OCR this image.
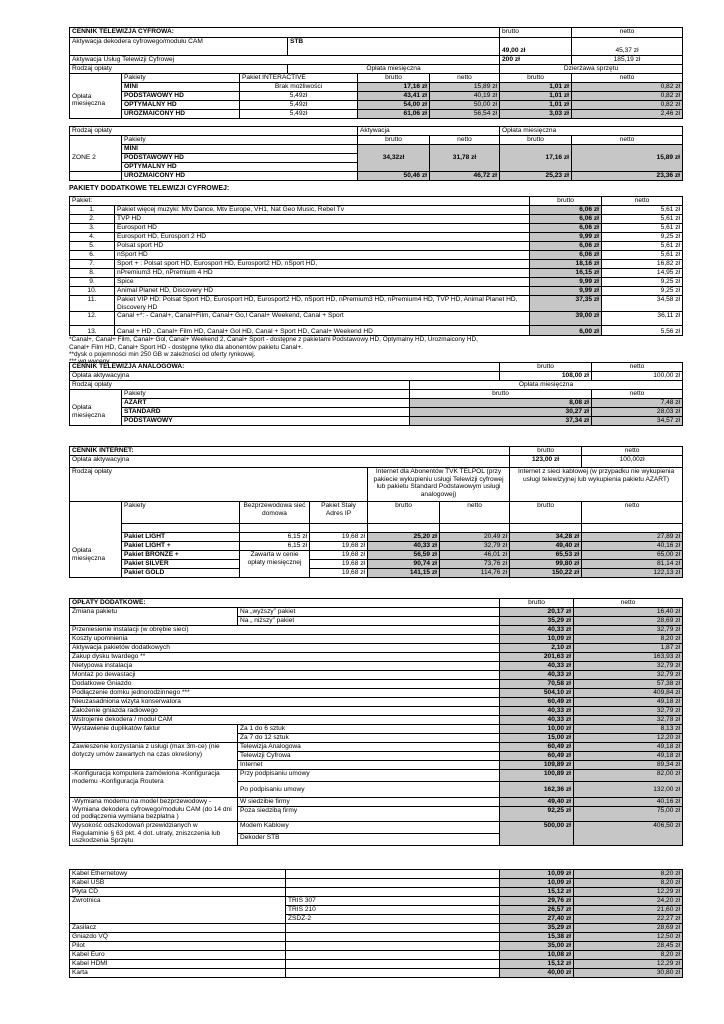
CENNIK TELEWIZJA CYFROWA:						brutto	netto
Aktywacja dekodera cyfrowego/modułu CAM			STB			49,00 zł	45,37 zł
Aktywacja Usług Telewizji Cyfrowej						200 zł	185,19 zł
Rodzaj opłaty			Opłata miesięczna			Dzierżawa sprzętu	
	Pakiety	Pakiet INTERACTIVE		brutto	netto	brutto	netto
Opłata miesięczna	MINI	Brak możliwości		17,16 zł	15,89 zł	1,01 zł	0,82 zł
	PODSTAWOWY HD	5,49zł		43,41 zł	40,19 zł	1,01 zł	0,82 zł
	OPTYMALNY HD	5,49zł		54,00 zł	50,00 zł	1,01 zł	0,82 zł
	UROZMAICONY HD	5,49zł		61,06 zł	56,54 zł	3,03 zł	2,46 zł
Rodzaj opłaty		Aktywacja		Opłata miesięczna	
	Pakiety	brutto	netto	brutto	netto
ZONE 2	MINI	34,32zł	31,78 zł	17,16 zł	15,89 zł
	PODSTAWOWY HD				
	OPTYMALNY HD				
	UROZMAICONY HD	50,46 zł	46,72 zł	25,23 zł	23,36 zł
PAKIETY DODATKOWE TELEWIZJI CYFROWEJ:
Pakiet:		brutto	netto
1.	Pakiet więcej muzyki: Mtv Dance, Mtv Europe, VH1, Nat Geo Music, Rebel Tv	6,06 zł	5,61 zł
2.	TVP HD	6,06 zł	5,61 zł
3.	Eurosport HD	6,06 zł	5,61 zł
4.	Eurosport HD, Eurosport 2 HD	9,99 zł	9,25 zł
5.	Polsat sport HD	6,06 zł	5,61 zł
6.	nSport HD	6,06 zł	5,61 zł
7.	Sport + : Polsat sport HD, Eurosport HD, Eurosport2 HD, nSport HD,	18,16 zł	16,82 zł
8.	nPremium3 HD, nPremium 4 HD	16,15 zł	14,95 zł
9.	Spice	9,99 zł	9,25 zł
10.	Animal Planet HD, Discovery HD	9,99 zł	9,25 zł
11.	Pakiet VIP HD: Polsat Sport HD, Eurosport HD, Eurosport2 HD, nSport HD, nPremium3 HD, nPremium4 HD, TVP HD, Animal Planet HD, Discovery HD	37,35 zł	34,58 zł
12.	Canal +*: - Canal+, Canal+Film, Canal+ Go,l Canal+ Weekend, Canal + Sport	39,00 zł	36,11 zł
13.	Canal + HD , Canal+ Film HD, Canal+ Gol HD, Canal + Sport HD, Canal+ Weekend HD	6,00 zł	5,56 zł
*Canal+, Canal+ Film, Canal+ Gol, Canal+ Weekend 2, Canal+ Sport - dostępne z pakietami Podstawowy HD, Optymalny HD, Urozmaicony HD,
Canal+ Film HD, Canal+ Sport HD - dostępne tylko dla abonentów pakietu Canal+.
**dysk o pojemności min 250 GB w zależności od oferty rynkowej.
*** wg wyceny
CENNIK TELEWIZJA ANALOGOWA:			brutto	netto
Opłata aktywacyjna			108,00 zł	100,00 zł
Rodzaj opłaty		Opłata miesięczna		
	Pakiety	brutto		netto
Opłata miesięczna	AZART	8,08 zł		7,48 zł
	STANDARD	30,27 zł		28,03 zł
	PODSTAWOWY	37,34 zł		34,57 zł
CENNIK INTERNET:						brutto	netto
Opłata aktywacyjna						123,00 zł	100,00zł
Rodzaj opłaty				Internet dla Abonentów TVK TELPOL (przy pakiecie wykupieniu usługi Telewizji cyfrowej lub pakietu Standard Podstawowym usługi analogowej)		Internet z sieci kablowej (w przypadku nie wykupienia usługi telewizyjnej lub wykupienia pakietu AZART)	
	Pakiety	Bezprzewodowa sieć domowa	Pakiet Stały Adres IP	brutto	netto	brutto	netto

Opłata miesięczna	Pakiet LIGHT	6,15 zł	19,68 zł	25,20 zł	20,49 zł	34,28 zł	27,89 zł
	Pakiet LIGHT +	6,15 zł	19,68 zł	40,33 zł	32,79 zł	49,40 zł	40,16 zł
	Pakiet BRONZE +	Zawarta w cenie opłaty miesięcznej	19,68 zł	56,59 zł	46,01 zł	65,53 zł	65,00 zł
	Pakiet SILVER		19,68 zł	90,74 zł	73,76 zł	99,80 zł	81,14 zł
	Pakiet GOLD		19,68 zł	141,15 zł	114,76 zł	150,22 zł	122,13 zł
OPŁATY DODATKOWE:		brutto	netto
Zmiana pakietu	Na „wyższy” pakiet	20,17 zł	16,40 zł
	Na „ niższy” pakiet	35,29 zł	28,69 zł
Przeniesienie instalacji (w obrębie sieci)		40,33 zł	32,79 zł
Koszty upomnienia		10,09 zł	8,20 zł
Aktywacja pakietów dodatkowych		2,10 zł	1,87 zł
Zakup dysku twardego **		201,63 zł	163,93 zł
Nietypowa instalacja		40,33 zł	32,79 zł
Montaż po dewastacji		40,33 zł	32,79 zł
Dodatkowe Gniazdo		70,58 zł	57,38 zł
Podłączenie domku jednorodzinnego ***		504,10 zł	409,84 zł
Nieuzasadniona wizyta konserwatora		60,49 zł	49,18 zł
Założenie gniazda radiowego		40,33 zł	32,79 zł
Wstrojenie dekodera / moduł CAM		40,33 zł	32,78 zł
Wystawienie duplikatów faktur	Za 1 do 6 sztuk	10,00 zł	8,13 zł
	Za 7 do 12 sztuk	15,00 zł	12,20 zł
Zawieszenie korzystania z usługi (max 3m-ce) (nie dotyczy umów zawartych na czas określony)	Telewizja Analogowa	60,49 zł	49,18 zł
	Telewizji Cyfrowa	60,49 zł	49,18 zł
	Internet	109,89 zł	89,34 zł
-Konfiguracja komputera zamówiona -Konfiguracja modemu -Konfiguracja Routera	Przy podpisaniu umowy	100,89 zł	82,00 zł
	Po podpisaniu umowy	162,36 zł	132,00 zł
-Wymiana modemu na model bezprzewodowy -Wymiana dekodera cyfrowego/modułu CAM (do 14 dni od podłączenia wymiana bezpłatna )	W siedzibie firmy	49,40 zł	40,16 zł
	Poza siedzibą firmy	92,25 zł	75,00 zł
Wysokość odszkodowań przewidzianych w Regulaminie § 63 pkt. 4 dot. utraty, zniszczenia lub uszkodzenia Sprzętu	Modem Kablowy	500,00 zł	406,50 zł
	Dekoder STB		
Kabel Ethernetowy		10,09 zł	8,20 zł
Kabel USB		10,09 zł	8,20 zł
Płyta CD		15,12 zł	12,29 zł
Zwrotnica	TRIS 307	29,76 zł	24,20 zł
	TRIS 210	26,57 zł	21,60 zł
	ZSDZ-2	27,40 zł	22,27 zł
Zasilacz		35,29 zł	28,69 zł
Gniazdo VQ		15,38 zł	12,50 zł
Pilot		35,00 zł	28,45 zł
Kabel Euro		10,08 zł	8,20 zł
Kabel HDMI		15,12 zł	12,29 zł
Karta		40,00 zł	30,80 zł
